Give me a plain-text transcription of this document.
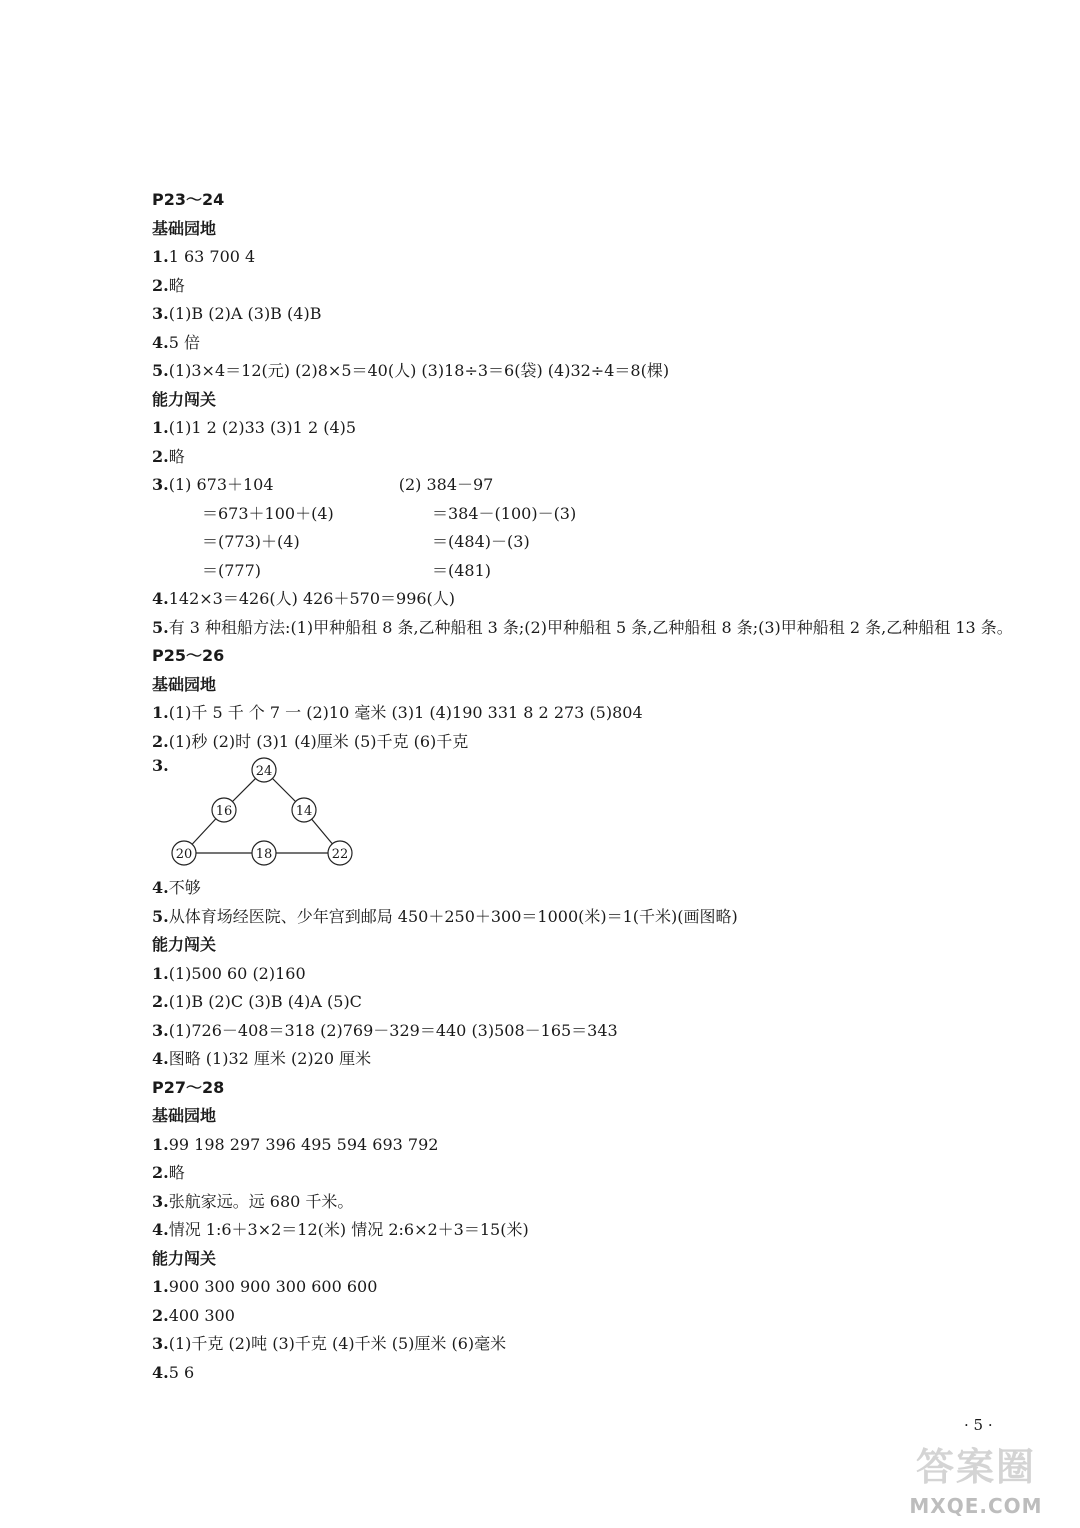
P23～24
基础园地
1.1 63 700 4
2.略
3.(1)B (2)A (3)B (4)B
4.5 倍
5.(1)3×4＝12(元) (2)8×5＝40(人) (3)18÷3＝6(袋) (4)32÷4＝8(棵)
能力闯关
1.(1)1 2 (2)33 (3)1 2 (4)5
2.略
3. (1) 673＋104	(2) 384－97
＝673＋100＋(4)	＝384－(100)－(3)
＝(773)＋(4)	＝(484)－(3)
＝(777)	＝(481)
4.142×3＝426(人) 426＋570＝996(人)
5.有 3 种租船方法:(1)甲种船租 8 条,乙种船租 3 条;(2)甲种船租 5 条,乙种船租 8 条;(3)甲种船租 2 条,乙种船租 13 条。
P25～26
基础园地
1.(1)千 5 千 个 7 一 (2)10 毫米 (3)1 (4)190 331 8 2 273 (5)804
2.(1)秒 (2)时 (3)1 (4)厘米 (5)千克 (6)千克
3.	24
16	14
20	18	22
4.不够
5.从体育场经医院、少年宫到邮局 450＋250＋300＝1000(米)＝1(千米)(画图略)
能力闯关
1.(1)500 60 (2)160
2.(1)B (2)C (3)B (4)A (5)C
3.(1)726－408＝318 (2)769－329＝440 (3)508－165＝343
4.图略 (1)32 厘米 (2)20 厘米
P27～28
基础园地
1.99 198 297 396 495 594 693 792
2.略
3.张航家远。远 680 千米。
4.情况 1:6＋3×2＝12(米) 情况 2:6×2＋3＝15(米)
能力闯关
1.900 300 900 300 600 600
2.400 300
3.(1)千克 (2)吨 (3)千克 (4)千米 (5)厘米 (6)毫米
4.5 6
· 5 ·
答案圈
MXQE.COM
